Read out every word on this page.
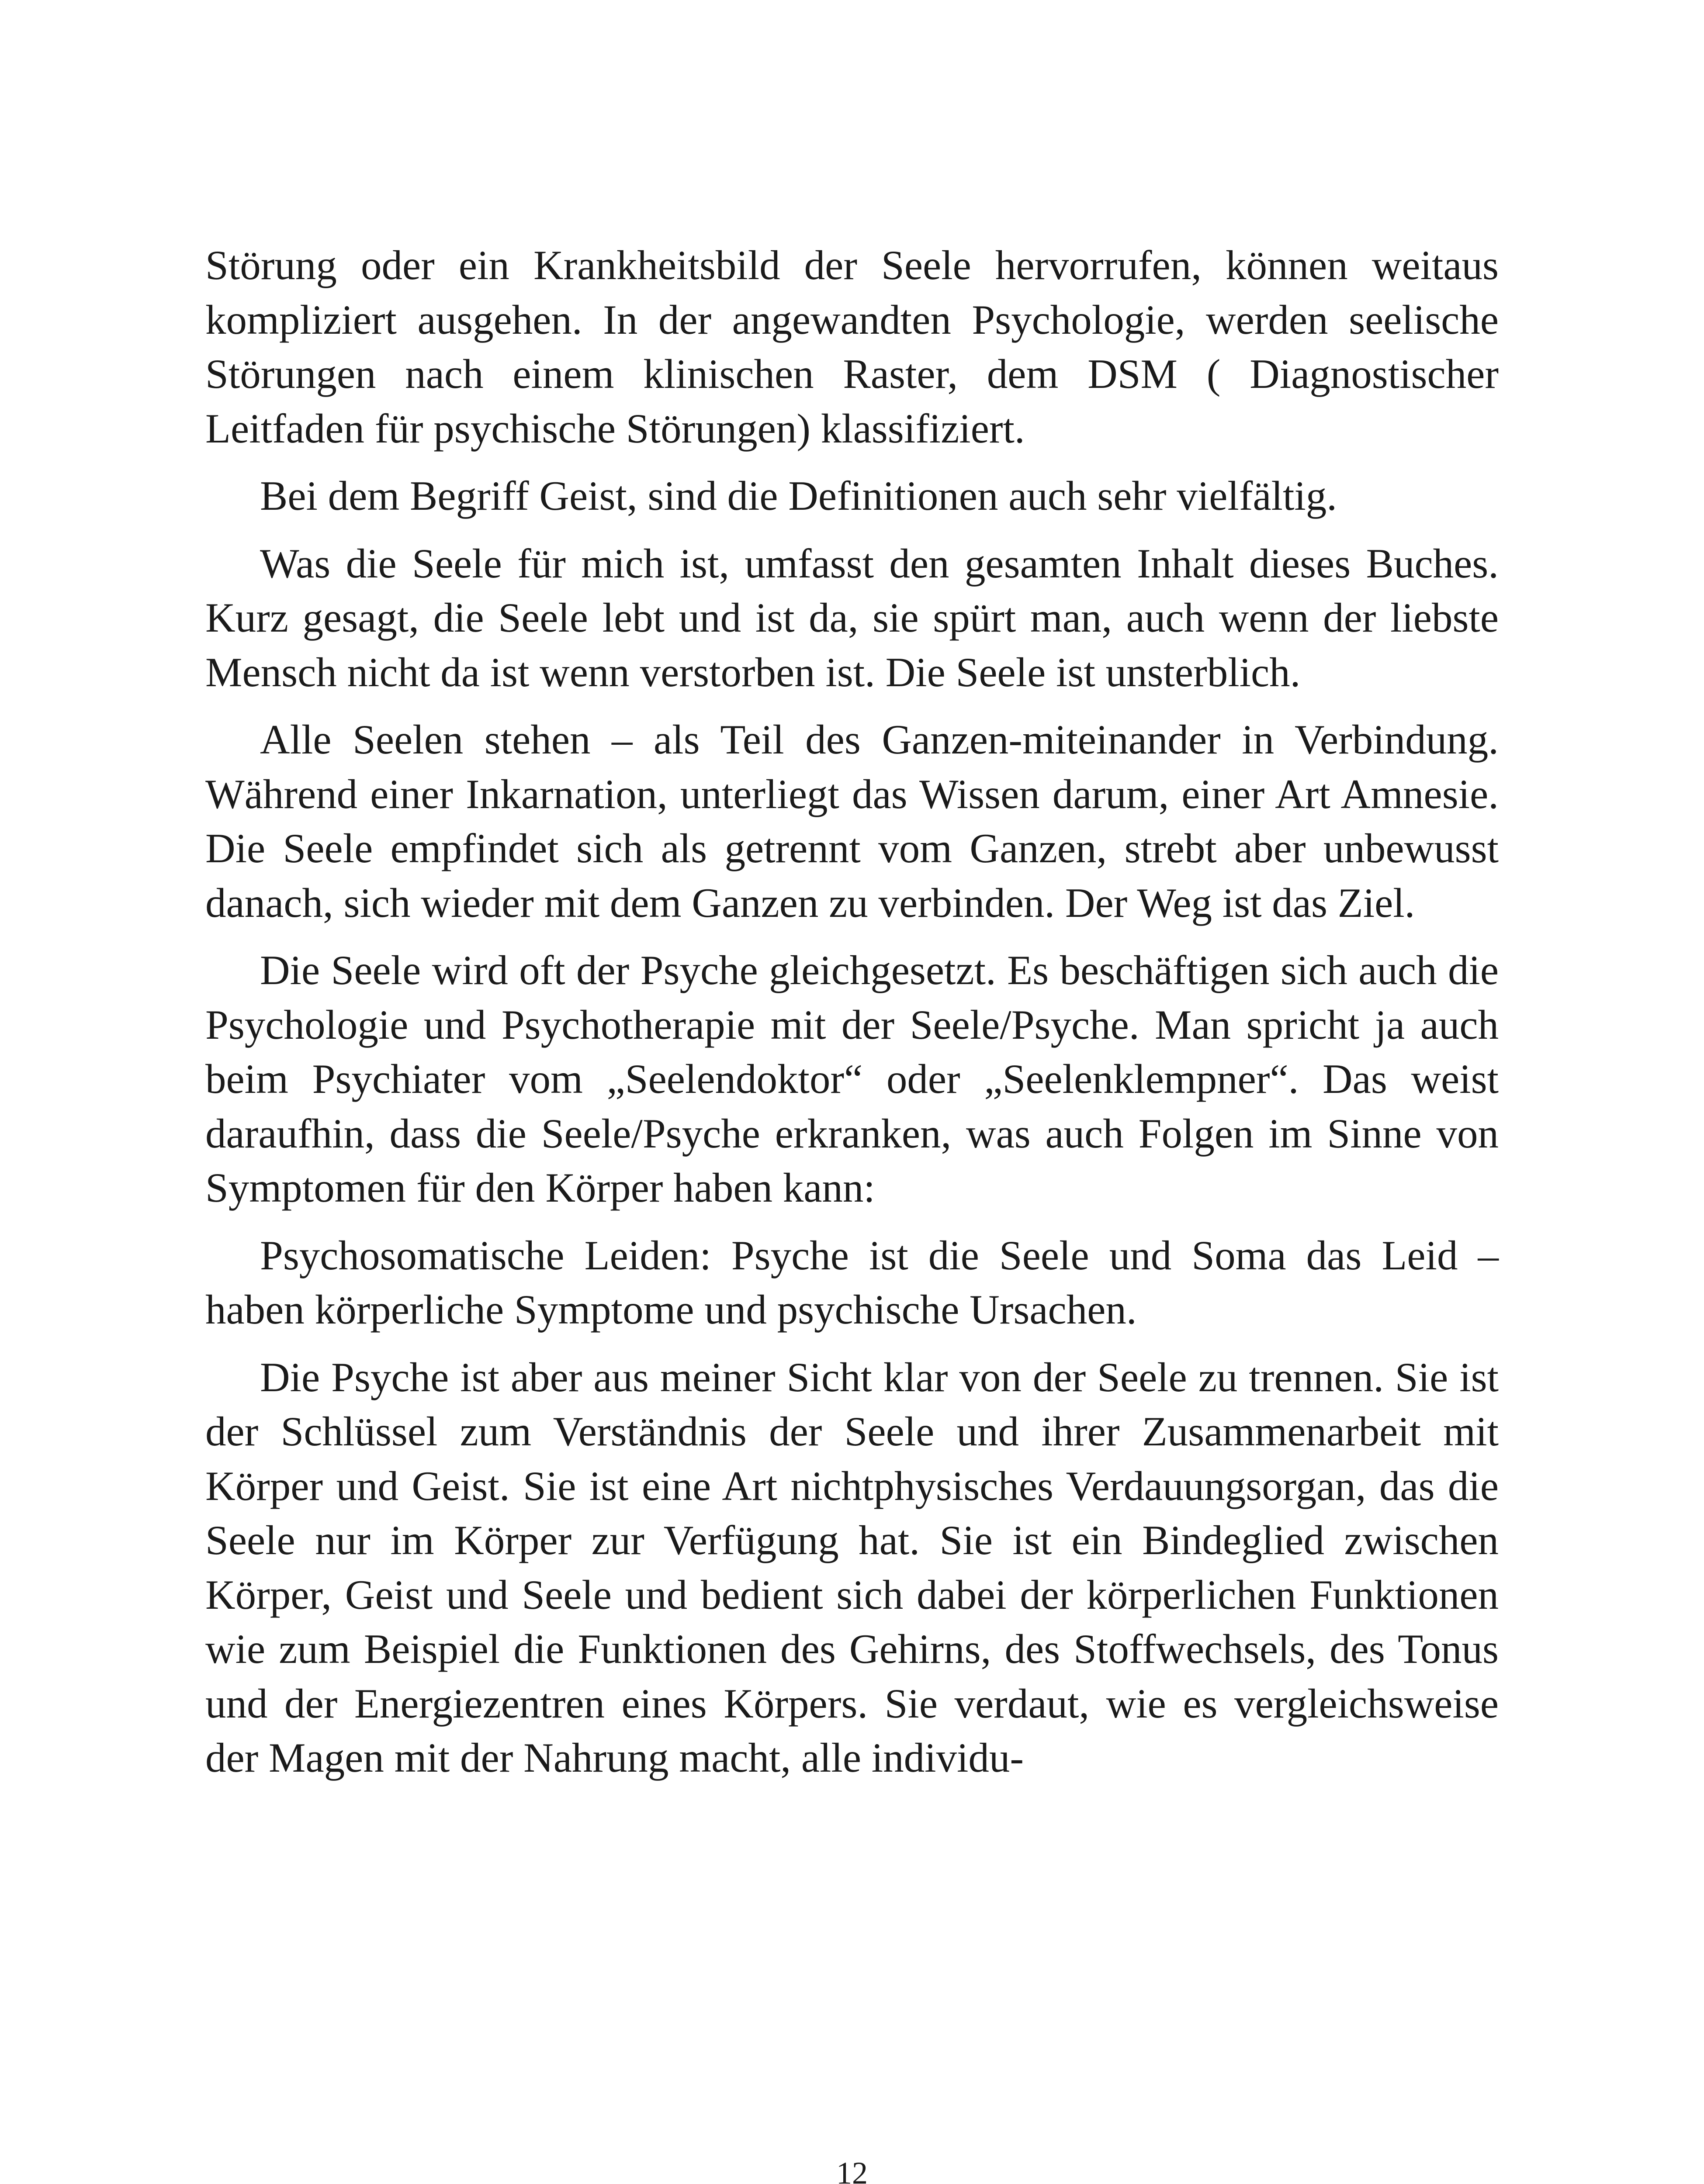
Störung oder ein Krankheitsbild der Seele hervorrufen, können weitaus kompliziert ausgehen. In der angewandten Psychologie, werden seelische Störungen nach einem klinischen Raster, dem DSM ( Diagnostischer Leitfaden für psychische Störungen) klassifiziert.

Bei dem Begriff Geist, sind die Definitionen auch sehr vielfältig.

Was die Seele für mich ist, umfasst den gesamten Inhalt dieses Buches. Kurz gesagt, die Seele lebt und ist da, sie spürt man, auch wenn der liebste Mensch nicht da ist wenn verstorben ist. Die Seele ist unsterblich.

Alle Seelen stehen – als Teil des Ganzen-miteinander in Verbindung. Während einer Inkarnation, unterliegt das Wissen darum, einer Art Amnesie. Die Seele empfindet sich als getrennt vom Ganzen, strebt aber unbewusst danach, sich wieder mit dem Ganzen zu verbinden. Der Weg ist das Ziel.

Die Seele wird oft der Psyche gleichgesetzt. Es beschäftigen sich auch die Psychologie und Psychotherapie mit der Seele/Psyche. Man spricht ja auch beim Psychiater vom „Seelendoktor“ oder „Seelenklempner“. Das weist daraufhin, dass die Seele/Psyche erkranken, was auch Folgen im Sinne von Symptomen für den Körper haben kann:

Psychosomatische Leiden: Psyche ist die Seele und Soma das Leid – haben körperliche Symptome und psychische Ursachen.

Die Psyche ist aber aus meiner Sicht klar von der Seele zu trennen. Sie ist der Schlüssel zum Verständnis der Seele und ihrer Zusammenarbeit mit Körper und Geist. Sie ist eine Art nichtphysisches Verdauungsorgan, das die Seele nur im Körper zur Verfügung hat. Sie ist ein Bindeglied zwischen Körper, Geist und Seele und bedient sich dabei der körperlichen Funktionen wie zum Beispiel die Funktionen des Gehirns, des Stoffwechsels, des Tonus und der Energiezentren eines Körpers. Sie verdaut, wie es vergleichsweise der Magen mit der Nahrung macht, alle individu-

12
